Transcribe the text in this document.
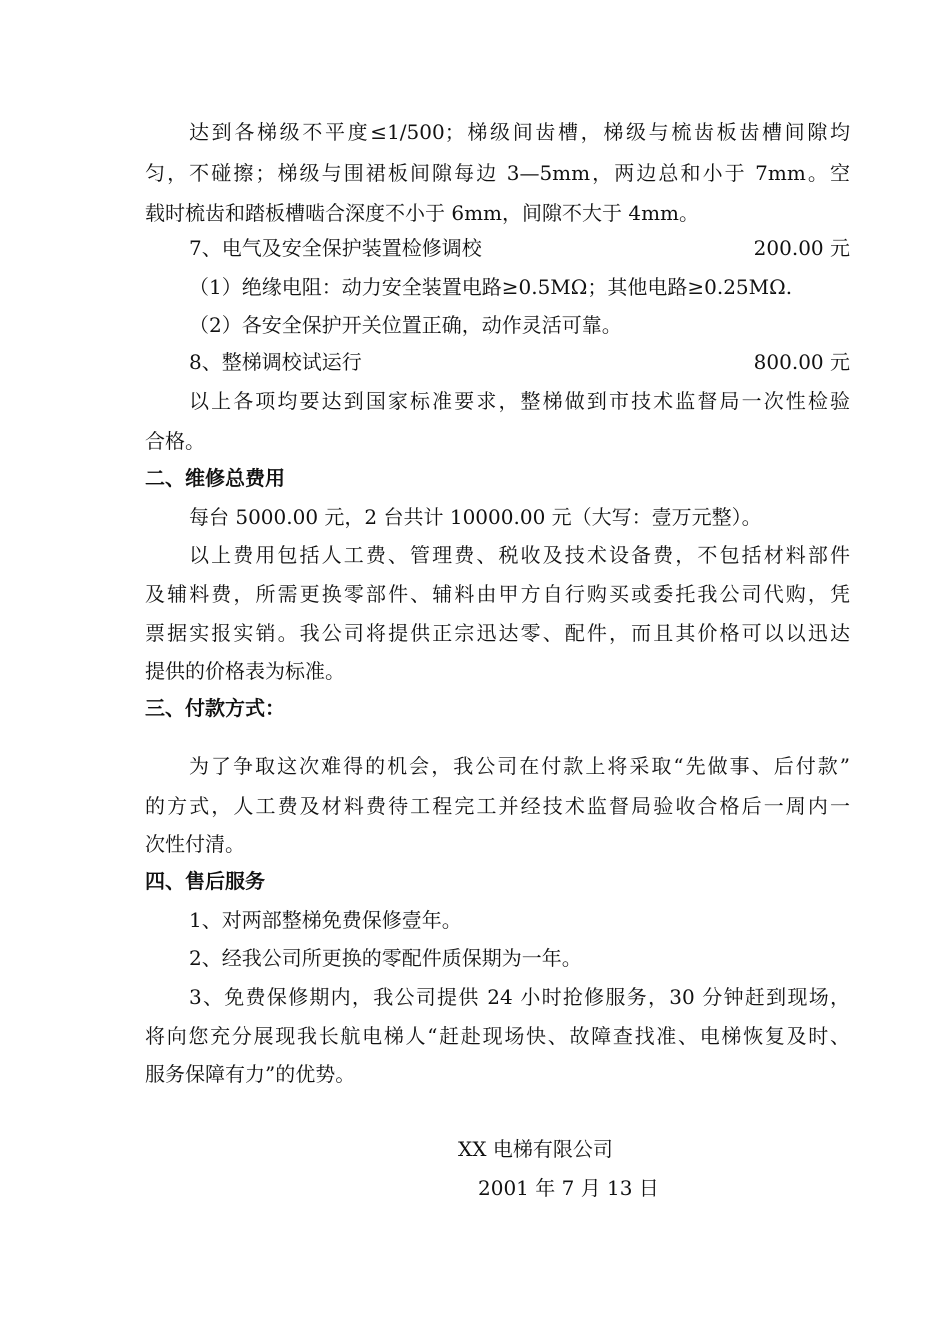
达到各梯级不平度≤1/500；梯级间齿槽，梯级与梳齿板齿槽间隙均
匀，不碰擦；梯级与围裙板间隙每边 3—5mm，两边总和小于 7mm。空
载时梳齿和踏板槽啮合深度不小于 6mm，间隙不大于 4mm。
7、电气及安全保护装置检修调校	200.00 元
（1）绝缘电阻：动力安全装置电路≥0.5MΩ；其他电路≥0.25MΩ.
（2）各安全保护开关位置正确，动作灵活可靠。
8、整梯调校试运行	800.00 元
以上各项均要达到国家标准要求，整梯做到市技术监督局一次性检验
合格。
二、维修总费用
每台 5000.00 元，2 台共计 10000.00 元（大写：壹万元整）。
以上费用包括人工费、管理费、税收及技术设备费，不包括材料部件
及辅料费，所需更换零部件、辅料由甲方自行购买或委托我公司代购，凭
票据实报实销。我公司将提供正宗迅达零、配件，而且其价格可以以迅达
提供的价格表为标准。
三、付款方式：
为了争取这次难得的机会，我公司在付款上将采取“先做事、后付款”
的方式，人工费及材料费待工程完工并经技术监督局验收合格后一周内一
次性付清。
四、售后服务
1、对两部整梯免费保修壹年。
2、经我公司所更换的零配件质保期为一年。
3、免费保修期内，我公司提供 24 小时抢修服务，30 分钟赶到现场，
将向您充分展现我长航电梯人“赶赴现场快、故障查找准、电梯恢复及时、
服务保障有力”的优势。
XX 电梯有限公司
2001 年 7 月 13 日
